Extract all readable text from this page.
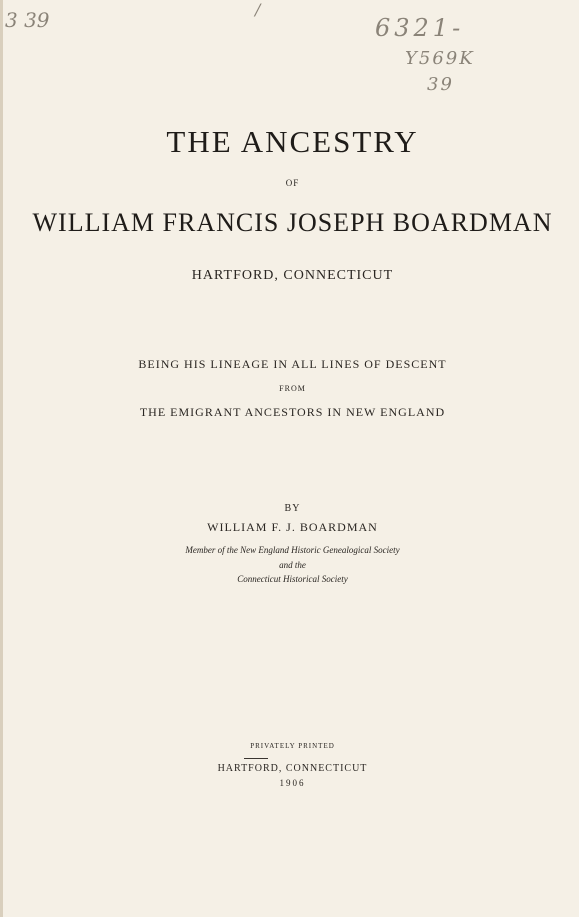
3 39	/
6321-
Y569K
39
THE ANCESTRY
OF
WILLIAM FRANCIS JOSEPH BOARDMAN
HARTFORD, CONNECTICUT
BEING HIS LINEAGE IN ALL LINES OF DESCENT
FROM
THE EMIGRANT ANCESTORS IN NEW ENGLAND
BY
WILLIAM F. J. BOARDMAN
Member of the New England Historic Genealogical Society
and the
Connecticut Historical Society
PRIVATELY PRINTED
HARTFORD, CONNECTICUT
1906
